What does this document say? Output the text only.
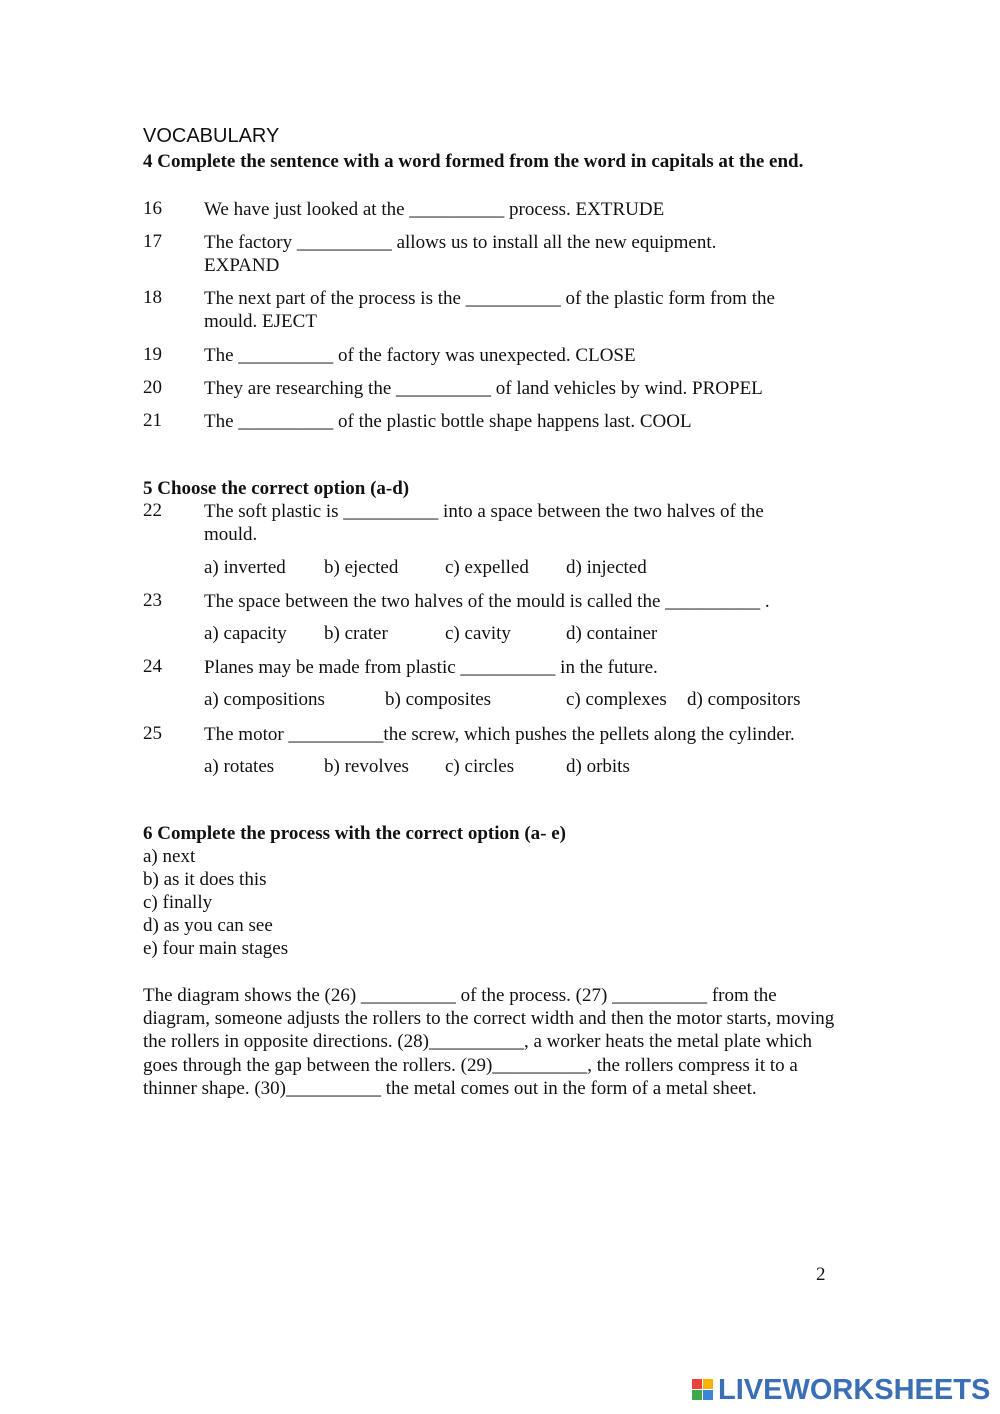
VOCABULARY
4 Complete the sentence with a word formed from the word in capitals at the end.
16 We have just looked at the __________ process. EXTRUDE
17 The factory __________ allows us to install all the new equipment.
EXPAND
18 The next part of the process is the __________ of the plastic form from the
mould. EJECT
19 The __________ of the factory was unexpected. CLOSE
20 They are researching the __________ of land vehicles by wind. PROPEL
21 The __________ of the plastic bottle shape happens last. COOL
5 Choose the correct option (a-d)
22 The soft plastic is __________ into a space between the two halves of the
mould.
a) inverted b) ejected c) expelled d) injected
23 The space between the two halves of the mould is called the __________ .
a) capacity b) crater	c) cavity	d) container
24 Planes may be made from plastic __________ in the future.
a) compositions	b) composites	c) complexes d) compositors
25 The motor __________the screw, which pushes the pellets along the cylinder.
a) rotates	b) revolves c) circles	d) orbits
6 Complete the process with the correct option (a- e)
a) next
b) as it does this
c) finally
d) as you can see
e) four main stages
The diagram shows the (26) __________ of the process. (27) __________ from the diagram, someone adjusts the rollers to the correct width and then the motor starts, moving the rollers in opposite directions. (28)__________, a worker heats the metal plate which goes through the gap between the rollers. (29)__________, the rollers compress it to a thinner shape. (30)__________ the metal comes out in the form of a metal sheet.
2
LIVEWORKSHEETS
